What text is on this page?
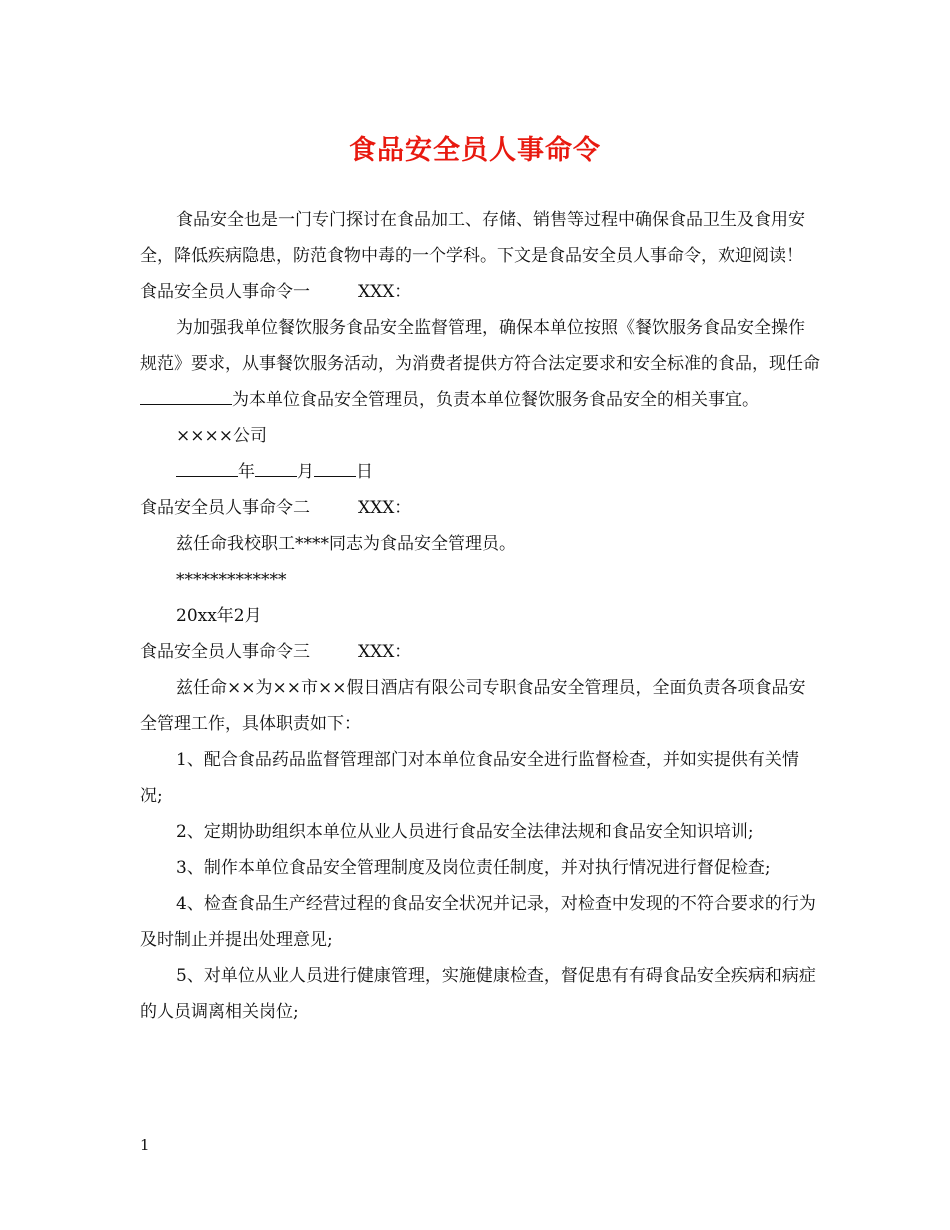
食品安全员人事命令

食品安全也是一门专门探讨在食品加工、存储、销售等过程中确保食品卫生及食用安全，降低疾病隐患，防范食物中毒的一个学科。下文是食品安全员人事命令，欢迎阅读！

食品安全员人事命令一	XXX：

为加强我单位餐饮服务食品安全监督管理，确保本单位按照《餐饮服务食品安全操作规范》要求，从事餐饮服务活动，为消费者提供方符合法定要求和安全标准的食品，现任命为本单位食品安全管理员，负责本单位餐饮服务食品安全的相关事宜。

××××公司

年 月 日

食品安全员人事命令二	XXX：

兹任命我校职工****同志为食品安全管理员。

*************

20xx年2月

食品安全员人事命令三	XXX：

兹任命××为××市××假日酒店有限公司专职食品安全管理员，全面负责各项食品安全管理工作，具体职责如下：

1、配合食品药品监督管理部门对本单位食品安全进行监督检查，并如实提供有关情况;

2、定期协助组织本单位从业人员进行食品安全法律法规和食品安全知识培训;

3、制作本单位食品安全管理制度及岗位责任制度，并对执行情况进行督促检查;

4、检查食品生产经营过程的食品安全状况并记录，对检查中发现的不符合要求的行为及时制止并提出处理意见;

5、对单位从业人员进行健康管理，实施健康检查，督促患有有碍食品安全疾病和病症的人员调离相关岗位;

1
